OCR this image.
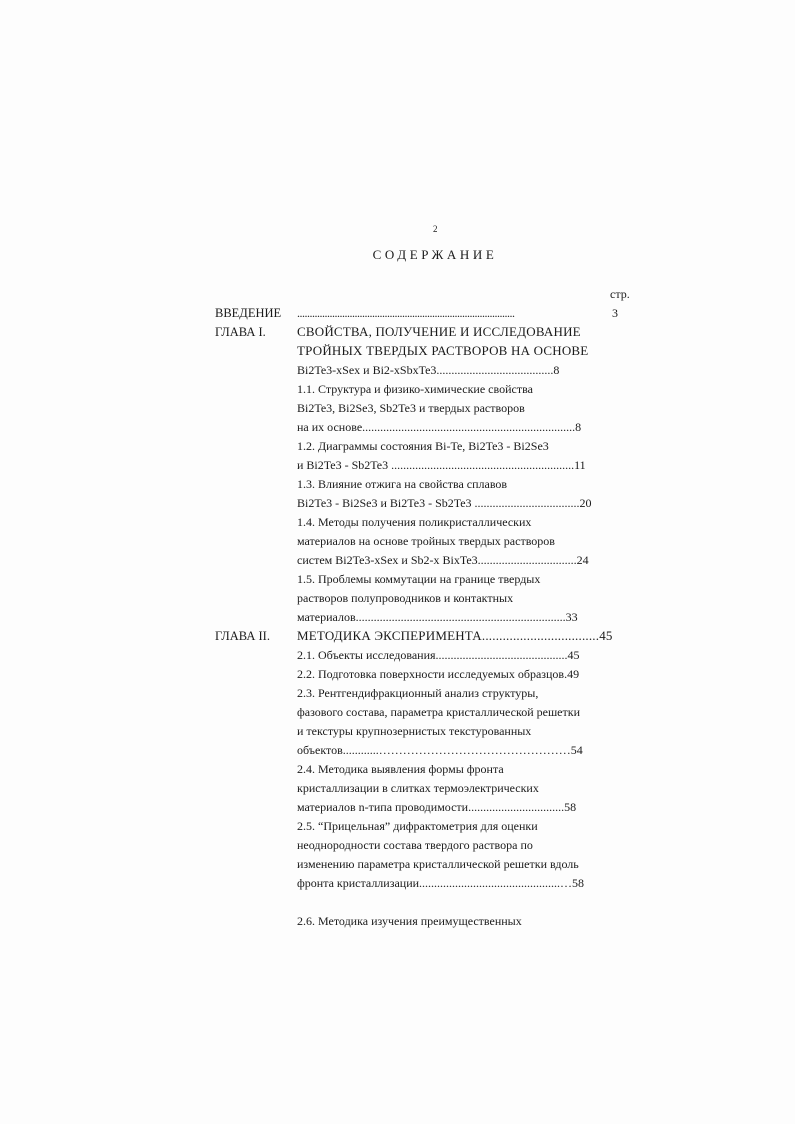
2
СОДЕРЖАНИЕ
стр.
ВВЕДЕНИЕ .......................................................................................	3
ГЛАВА I. СВОЙСТВА, ПОЛУЧЕНИЕ И ИССЛЕДОВАНИЕ
ТРОЙНЫХ ТВЕРДЫХ РАСТВОРОВ НА ОСНОВЕ
Bi2Te3-xSex и Bi2-xSbxTe3.......................................8
1.1. Структура и физико-химические свойства
Bi2Te3, Bi2Se3, Sb2Te3 и твердых растворов
на их основе.......................................................................8
1.2. Диаграммы состояния Bi-Te, Bi2Te3 - Bi2Se3
и Bi2Te3 - Sb2Te3 .............................................................11
1.3. Влияние отжига на свойства сплавов
Bi2Te3 - Bi2Se3 и Bi2Te3 - Sb2Te3 ...................................20
1.4. Методы получения поликристаллических
материалов на основе тройных твердых растворов
систем Bi2Te3-xSex и Sb2-x BixTe3.................................24
1.5. Проблемы коммутации на границе твердых
растворов полупроводников и контактных
материалов......................................................................33
ГЛАВА II. МЕТОДИКА ЭКСПЕРИМЕНТА..................................45
2.1. Объекты исследования............................................45
2.2. Подготовка поверхности исследуемых образцов.49
2.3. Рентгендифракционный анализ структуры,
фазового состава, параметра кристаллической решетки
и текстуры крупнозернистых текстурованных
объектов............…………………………………………54
2.4. Методика выявления формы фронта
кристаллизации в слитках термоэлектрических
материалов n-типа проводимости................................58
2.5. “Прицельная” дифрактометрия для оценки
неоднородности состава твердого раствора по
изменению параметра кристаллической решетки вдоль
фронта кристаллизации...............................................…58
2.6. Методика изучения преимущественных
